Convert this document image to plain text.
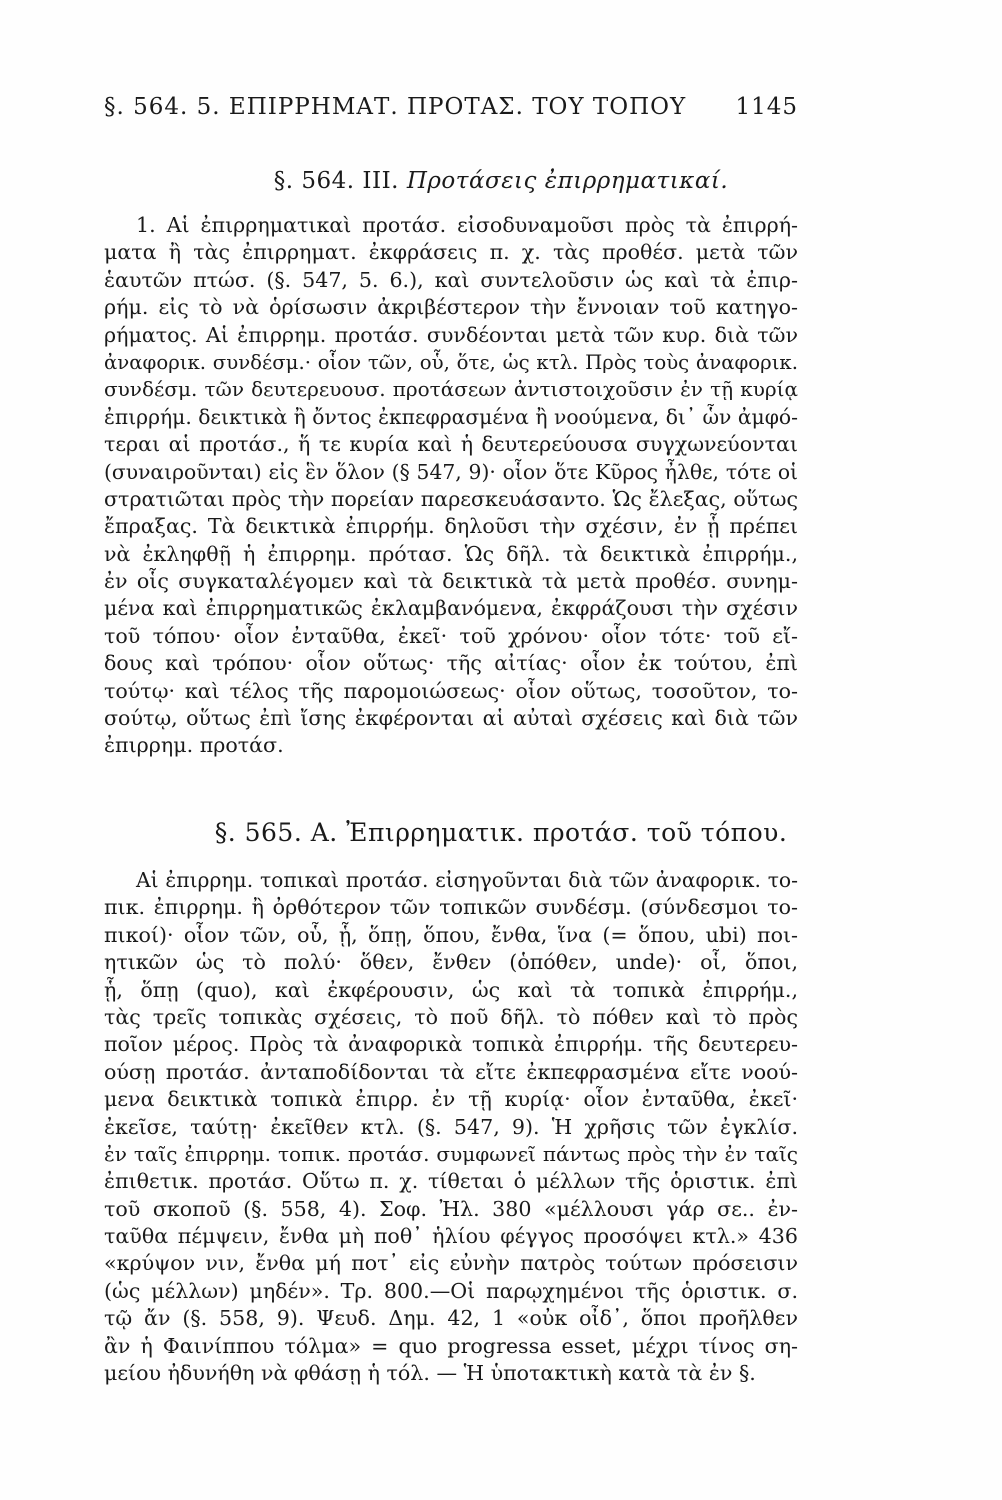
§. 564. 5. ΕΠΙΡΡΗΜΑΤ. ΠΡΟΤΑΣ. ΤΟΥ ΤΟΠΟΥ 1145
§. 564. III. Προτάσεις ἐπιρρηματικαί.
1. Αἱ ἐπιρρηματικαὶ προτάσ. εἰσοδυναμοῦσι πρὸς τὰ ἐπιρρή-
ματα ἢ τὰς ἐπιρρηματ. ἐκφράσεις π. χ. τὰς προθέσ. μετὰ τῶν
ἑαυτῶν πτώσ. (§. 547, 5. 6.), καὶ συντελοῦσιν ὡς καὶ τὰ ἐπιρ-
ρήμ. εἰς τὸ νὰ ὁρίσωσιν ἀκριβέστερον τὴν ἔννοιαν τοῦ κατηγο-
ρήματος. Αἱ ἐπιρρημ. προτάσ. συνδέονται μετὰ τῶν κυρ. διὰ τῶν
ἀναφορικ. συνδέσμ.· οἷον τῶν, οὗ, ὅτε, ὡς κτλ. Πρὸς τοὺς ἀναφορικ.
συνδέσμ. τῶν δευτερευουσ. προτάσεων ἀντιστοιχοῦσιν ἐν τῇ κυρίᾳ
ἐπιρρήμ. δεικτικὰ ἢ ὄντος ἐκπεφρασμένα ἢ νοούμενα, δι᾽ ὧν ἀμφό-
τεραι αἱ προτάσ., ἥ τε κυρία καὶ ἡ δευτερεύουσα συγχωνεύονται
(συναιροῦνται) εἰς ἓν ὅλον (§ 547, 9)· οἷον ὅτε Κῦρος ἦλθε, τότε οἱ
στρατιῶται πρὸς τὴν πορείαν παρεσκευάσαντο. Ὡς ἔλεξας, οὕτως
ἔπραξας. Τὰ δεικτικὰ ἐπιρρήμ. δηλοῦσι τὴν σχέσιν, ἐν ᾗ πρέπει
νὰ ἐκληφθῇ ἡ ἐπιρρημ. πρότασ. Ὡς δῆλ. τὰ δεικτικὰ ἐπιρρήμ.,
ἐν οἷς συγκαταλέγομεν καὶ τὰ δεικτικὰ τὰ μετὰ προθέσ. συνημ-
μένα καὶ ἐπιρρηματικῶς ἐκλαμβανόμενα, ἐκφράζουσι τὴν σχέσιν
τοῦ τόπου· οἷον ἐνταῦθα, ἐκεῖ· τοῦ χρόνου· οἷον τότε· τοῦ εἴ-
δους καὶ τρόπου· οἷον οὕτως· τῆς αἰτίας· οἷον ἐκ τούτου, ἐπὶ
τούτῳ· καὶ τέλος τῆς παρομοιώσεως· οἷον οὕτως, τοσοῦτον, το-
σούτῳ, οὕτως ἐπὶ ἴσης ἐκφέρονται αἱ αὐταὶ σχέσεις καὶ διὰ τῶν
ἐπιρρημ. προτάσ.
§. 565. Α. Ἐπιρρηματικ. προτάσ. τοῦ τόπου.
Αἱ ἐπιρρημ. τοπικαὶ προτάσ. εἰσηγοῦνται διὰ τῶν ἀναφορικ. το-
πικ. ἐπιρρημ. ἢ ὀρθότερον τῶν τοπικῶν συνδέσμ. (σύνδεσμοι το-
πικοί)· οἷον τῶν, οὗ, ᾗ, ὅπῃ, ὅπου, ἔνθα, ἵνα (= ὅπου, ubi) ποι-
ητικῶν ὡς τὸ πολύ· ὅθεν, ἔνθεν (ὁπόθεν, unde)· οἷ, ὅποι,
ᾗ, ὅπῃ (quo), καὶ ἐκφέρουσιν, ὡς καὶ τὰ τοπικὰ ἐπιρρήμ.,
τὰς τρεῖς τοπικὰς σχέσεις, τὸ ποῦ δῆλ. τὸ πόθεν καὶ τὸ πρὸς
ποῖον μέρος. Πρὸς τὰ ἀναφορικὰ τοπικὰ ἐπιρρήμ. τῆς δευτερευ-
ούσῃ προτάσ. ἀνταποδίδονται τὰ εἴτε ἐκπεφρασμένα εἴτε νοού-
μενα δεικτικὰ τοπικὰ ἐπιρρ. ἐν τῇ κυρίᾳ· οἷον ἐνταῦθα, ἐκεῖ·
ἐκεῖσε, ταύτῃ· ἐκεῖθεν κτλ. (§. 547, 9). Ἡ χρῆσις τῶν ἐγκλίσ.
ἐν ταῖς ἐπιρρημ. τοπικ. προτάσ. συμφωνεῖ πάντως πρὸς τὴν ἐν ταῖς
ἐπιθετικ. προτάσ. Οὕτω π. χ. τίθεται ὁ μέλλων τῆς ὁριστικ. ἐπὶ
τοῦ σκοποῦ (§. 558, 4). Σοφ. Ἠλ. 380 «μέλλουσι γάρ σε.. ἐν-
ταῦθα πέμψειν, ἔνθα μὴ ποθ᾽ ἡλίου φέγγος προσόψει κτλ.» 436
«κρύψον νιν, ἔνθα μή ποτ᾽ εἰς εὐνὴν πατρὸς τούτων πρόσεισιν
(ὡς μέλλων) μηδέν». Τρ. 800.—Οἱ παρῳχημένοι τῆς ὁριστικ. σ.
τῷ ἄν (§. 558, 9). Ψευδ. Δημ. 42, 1 «οὐκ οἶδ᾽, ὅποι προῆλθεν
ἂν ἡ Φαινίππου τόλμα» = quo progressa esset, μέχρι τίνος ση-
μείου ἠδυνήθη νὰ φθάσῃ ἡ τόλ. — Ἡ ὑποτακτικὴ κατὰ τὰ ἐν §.
